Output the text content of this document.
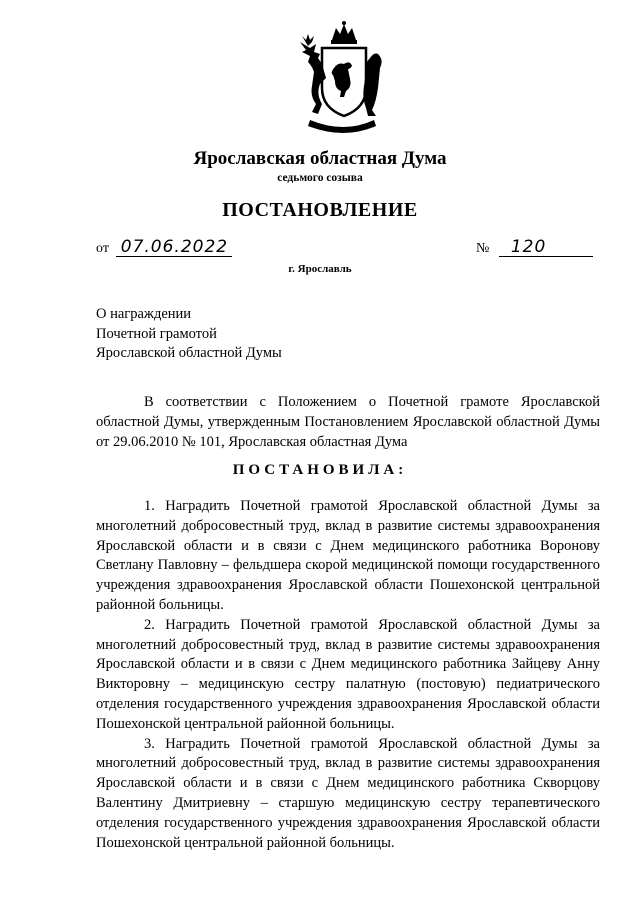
Ярославская областная Дума
седьмого созыва
ПОСТАНОВЛЕНИЕ
от 07.06.2022	№ 120
г. Ярославль
О награждении
Почетной грамотой
Ярославской областной Думы
В соответствии с Положением о Почетной грамоте Ярославской областной Думы, утвержденным Постановлением Ярославской областной Думы от 29.06.2010 № 101, Ярославская областная Дума
ПОСТАНОВИЛА:

1. Наградить Почетной грамотой Ярославской областной Думы за многолетний добросовестный труд, вклад в развитие системы здравоохранения Ярославской области и в связи с Днем медицинского работника Воронову Светлану Павловну – фельдшера скорой медицинской помощи государственного учреждения здравоохранения Ярославской области Пошехонской центральной районной больницы.

2. Наградить Почетной грамотой Ярославской областной Думы за многолетний добросовестный труд, вклад в развитие системы здравоохранения Ярославской области и в связи с Днем медицинского работника Зайцеву Анну Викторовну – медицинскую сестру палатную (постовую) педиатрического отделения государственного учреждения здравоохранения Ярославской области Пошехонской центральной районной больницы.

3. Наградить Почетной грамотой Ярославской областной Думы за многолетний добросовестный труд, вклад в развитие системы здравоохранения Ярославской области и в связи с Днем медицинского работника Скворцову Валентину Дмитриевну – старшую медицинскую сестру терапевтического отделения государственного учреждения здравоохранения Ярославской области Пошехонской центральной районной больницы.
